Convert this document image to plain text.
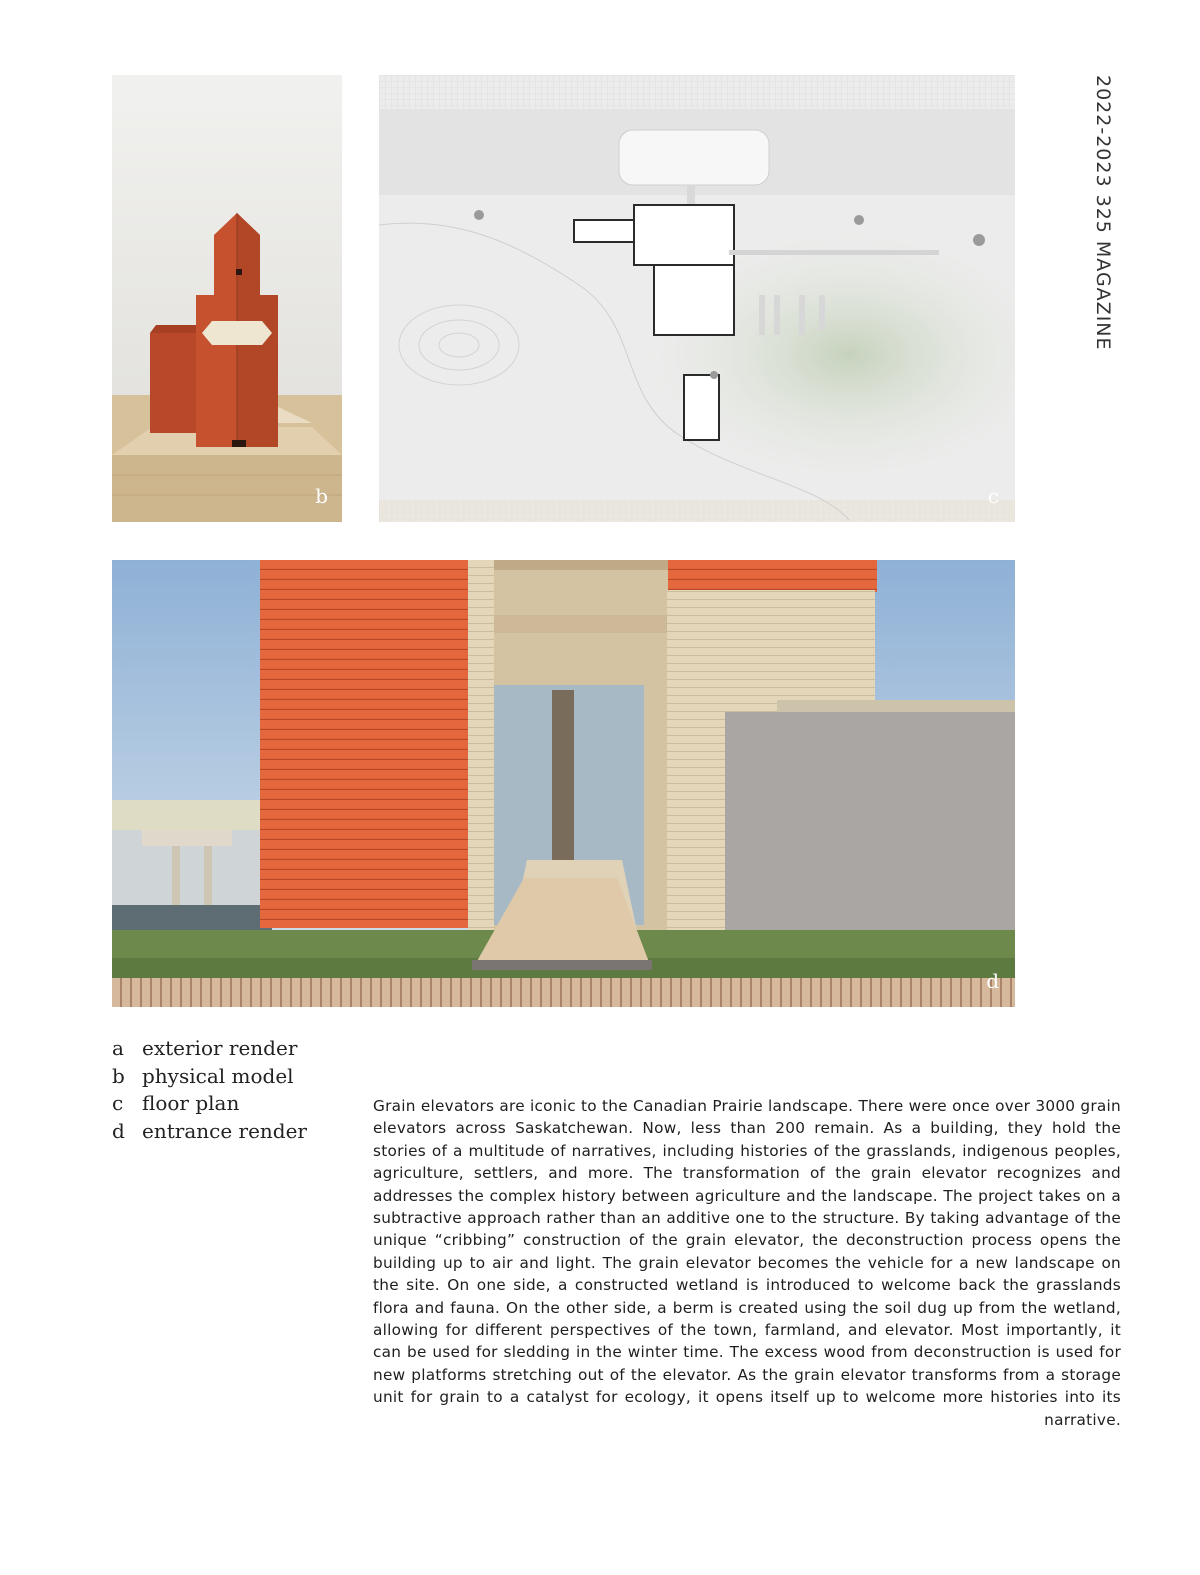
b	c
2022-2023 325 MAGAZINE
d
a exterior render
b physical model
c floor plan
d entrance render

Grain elevators are iconic to the Canadian Prairie landscape. There were once over 3000 grain elevators across Saskatchewan. Now, less than 200 remain. As a building, they hold the stories of a multitude of narratives, including histories of the grasslands, indigenous peoples, agriculture, settlers, and more. The transformation of the grain elevator recognizes and addresses the complex history between agriculture and the landscape. The project takes on a subtractive approach rather than an additive one to the structure. By taking advantage of the unique “cribbing” construction of the grain elevator, the deconstruction process opens the building up to air and light. The grain elevator becomes the vehicle for a new landscape on the site. On one side, a constructed wetland is introduced to welcome back the grasslands flora and fauna. On the other side, a berm is created using the soil dug up from the wetland, allowing for different perspectives of the town, farmland, and elevator. Most importantly, it can be used for sledding in the winter time. The excess wood from deconstruction is used for new platforms stretching out of the elevator. As the grain elevator transforms from a storage unit for grain to a catalyst for ecology, it opens itself up to welcome more histories into its narrative.
